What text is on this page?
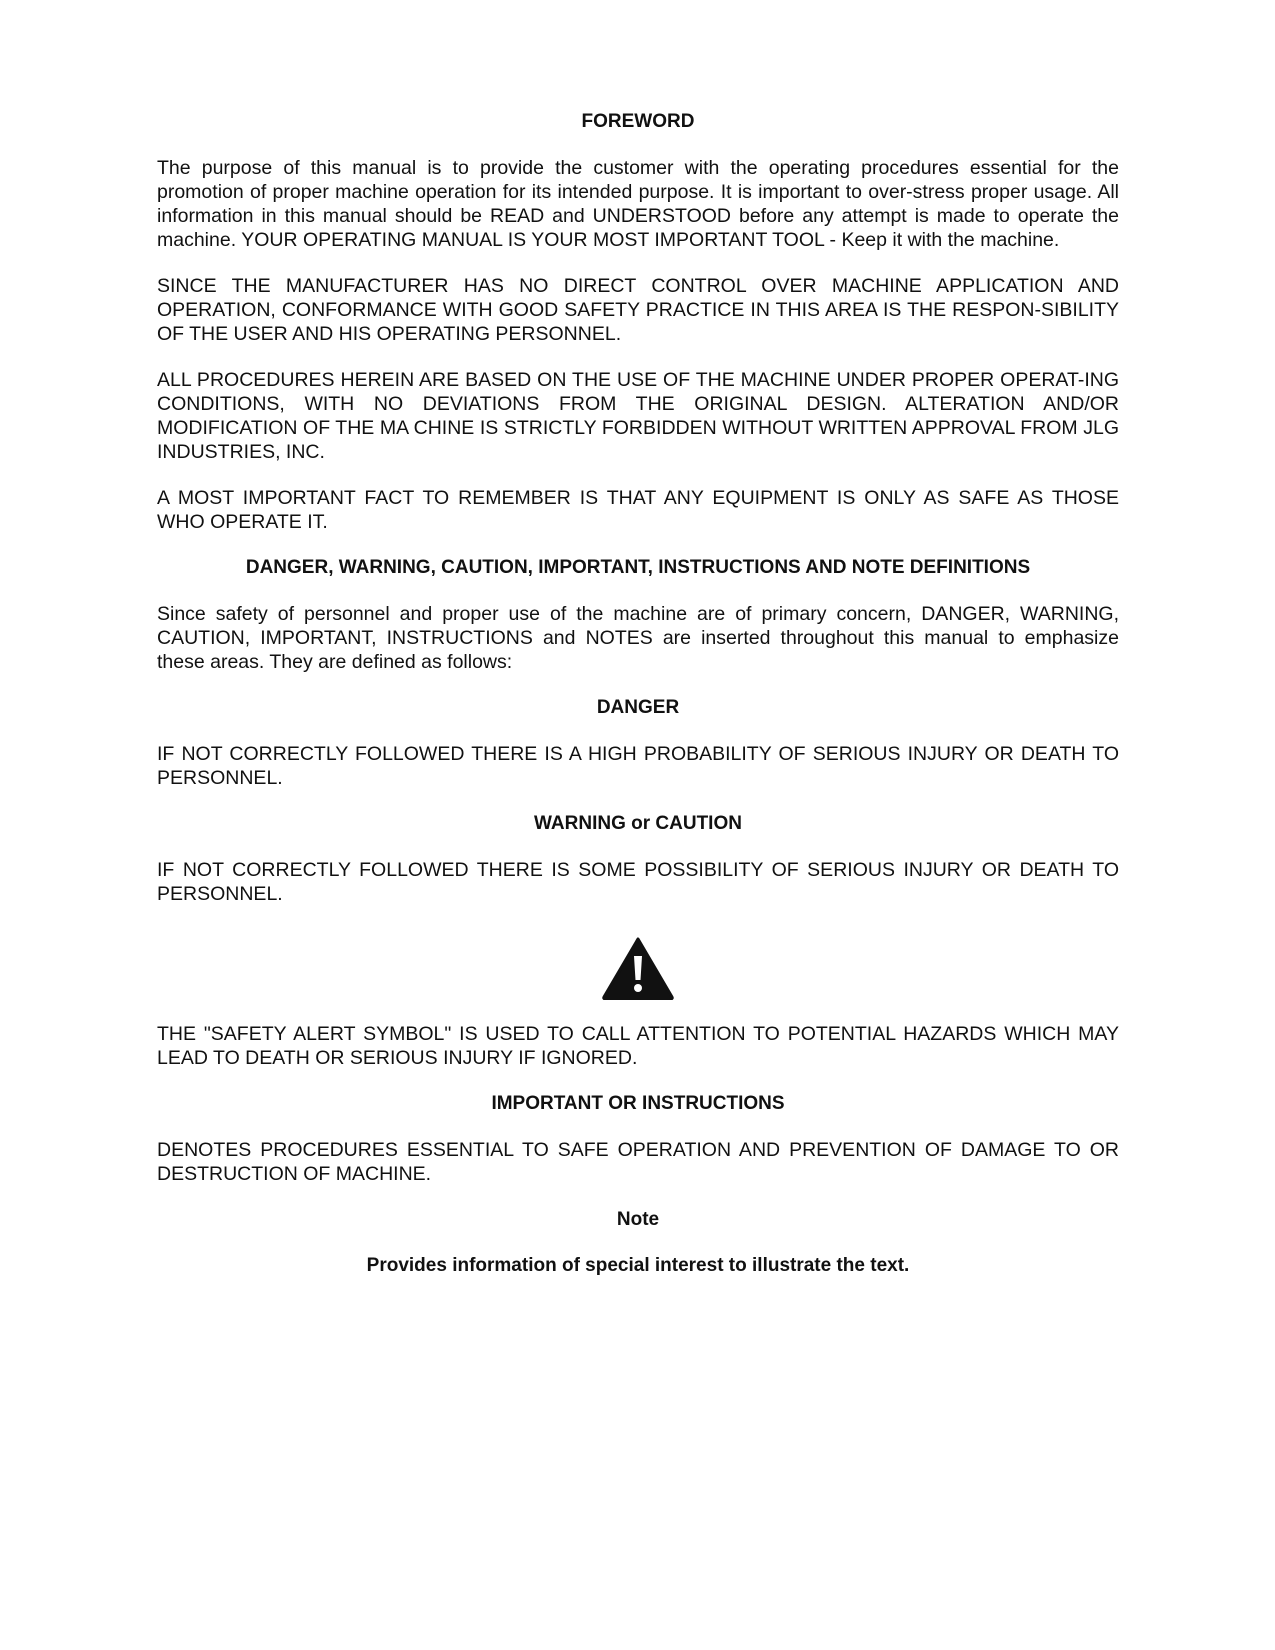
FOREWORD

The purpose of this manual is to provide the customer with the operating procedures essential for the promotion of proper machine operation for its intended purpose. It is important to over-stress proper usage. All information in this manual should be READ and UNDERSTOOD before any attempt is made to operate the machine. YOUR OPERATING MANUAL IS YOUR MOST IMPORTANT TOOL - Keep it with the machine.

SINCE THE MANUFACTURER HAS NO DIRECT CONTROL OVER MACHINE APPLICATION AND OPERATION, CONFORMANCE WITH GOOD SAFETY PRACTICE IN THIS AREA IS THE RESPON-SIBILITY OF THE USER AND HIS OPERATING PERSONNEL.

ALL PROCEDURES HEREIN ARE BASED ON THE USE OF THE MACHINE UNDER PROPER OPERAT-ING CONDITIONS, WITH NO DEVIATIONS FROM THE ORIGINAL DESIGN. ALTERATION AND/OR MODIFICATION OF THE MA CHINE IS STRICTLY FORBIDDEN WITHOUT WRITTEN APPROVAL FROM JLG INDUSTRIES, INC.

A MOST IMPORTANT FACT TO REMEMBER IS THAT ANY EQUIPMENT IS ONLY AS SAFE AS THOSE WHO OPERATE IT.

DANGER, WARNING, CAUTION, IMPORTANT, INSTRUCTIONS AND NOTE DEFINITIONS

Since safety of personnel and proper use of the machine are of primary concern, DANGER, WARNING, CAUTION, IMPORTANT, INSTRUCTIONS and NOTES are inserted throughout this manual to emphasize these areas. They are defined as follows:

DANGER

IF NOT CORRECTLY FOLLOWED THERE IS A HIGH PROBABILITY OF SERIOUS INJURY OR DEATH TO PERSONNEL.

WARNING or CAUTION

IF NOT CORRECTLY FOLLOWED THERE IS SOME POSSIBILITY OF SERIOUS INJURY OR DEATH TO PERSONNEL.

THE "SAFETY ALERT SYMBOL" IS USED TO CALL ATTENTION TO POTENTIAL HAZARDS WHICH MAY LEAD TO DEATH OR SERIOUS INJURY IF IGNORED.

IMPORTANT OR INSTRUCTIONS

DENOTES PROCEDURES ESSENTIAL TO SAFE OPERATION AND PREVENTION OF DAMAGE TO OR DESTRUCTION OF MACHINE.

Note

Provides information of special interest to illustrate the text.
